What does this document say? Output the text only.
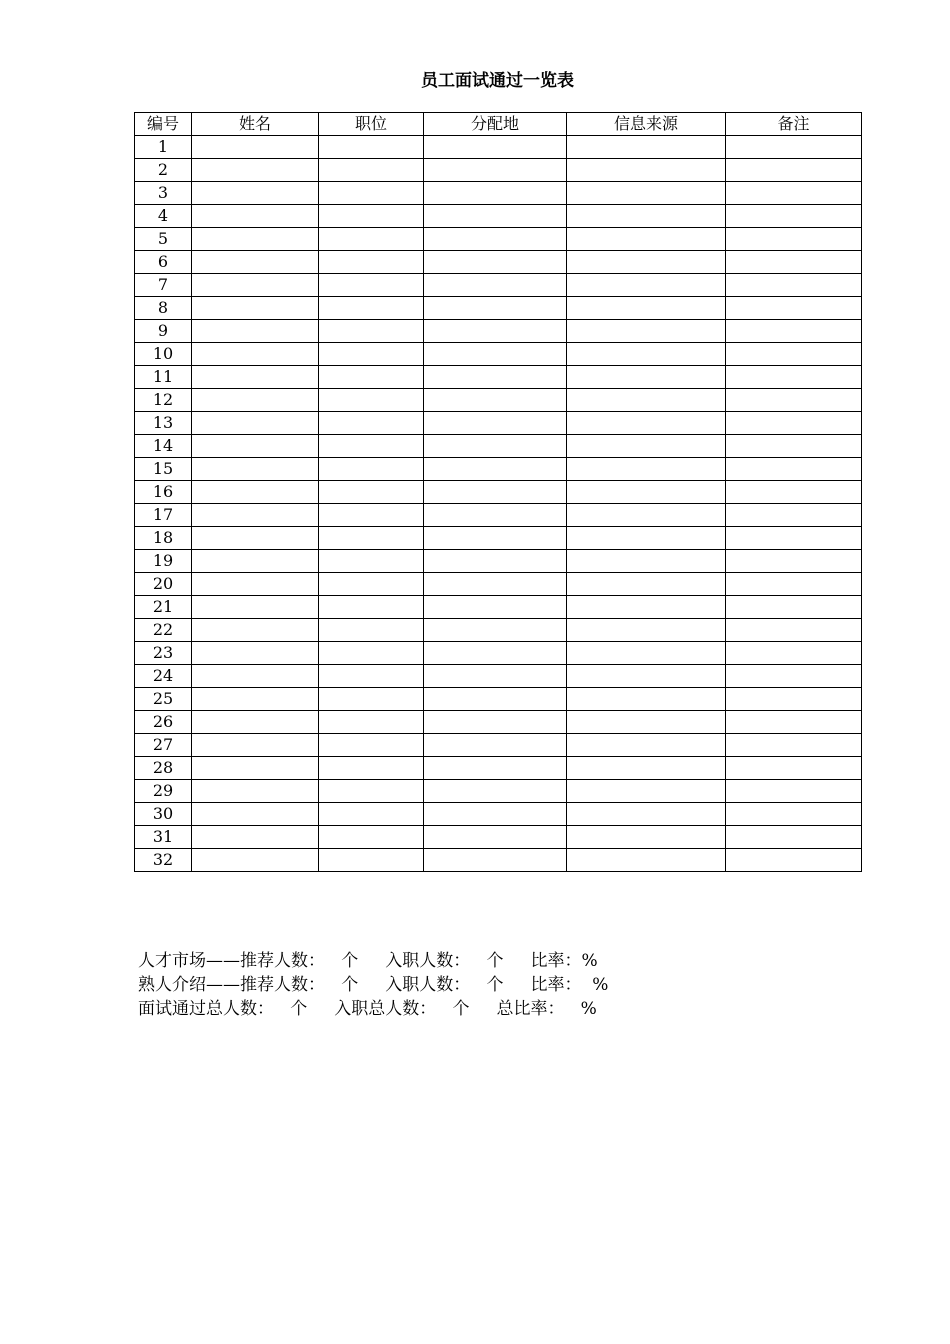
员工面试通过一览表
编号	姓名	职位	分配地	信息来源	备注
1					
2					
3					
4					
5					
6					
7					
8					
9					
10					
11					
12					
13					
14					
15					
16					
17					
18					
19					
20					
21					
22					
23					
24					
25					
26					
27					
28					
29					
30					
31					
32					
人才市场——推荐人数：   个     入职人数：   个     比率：%
熟人介绍——推荐人数：   个     入职人数：   个     比率：  %
面试通过总人数：   个     入职总人数：   个     总比率：   %
